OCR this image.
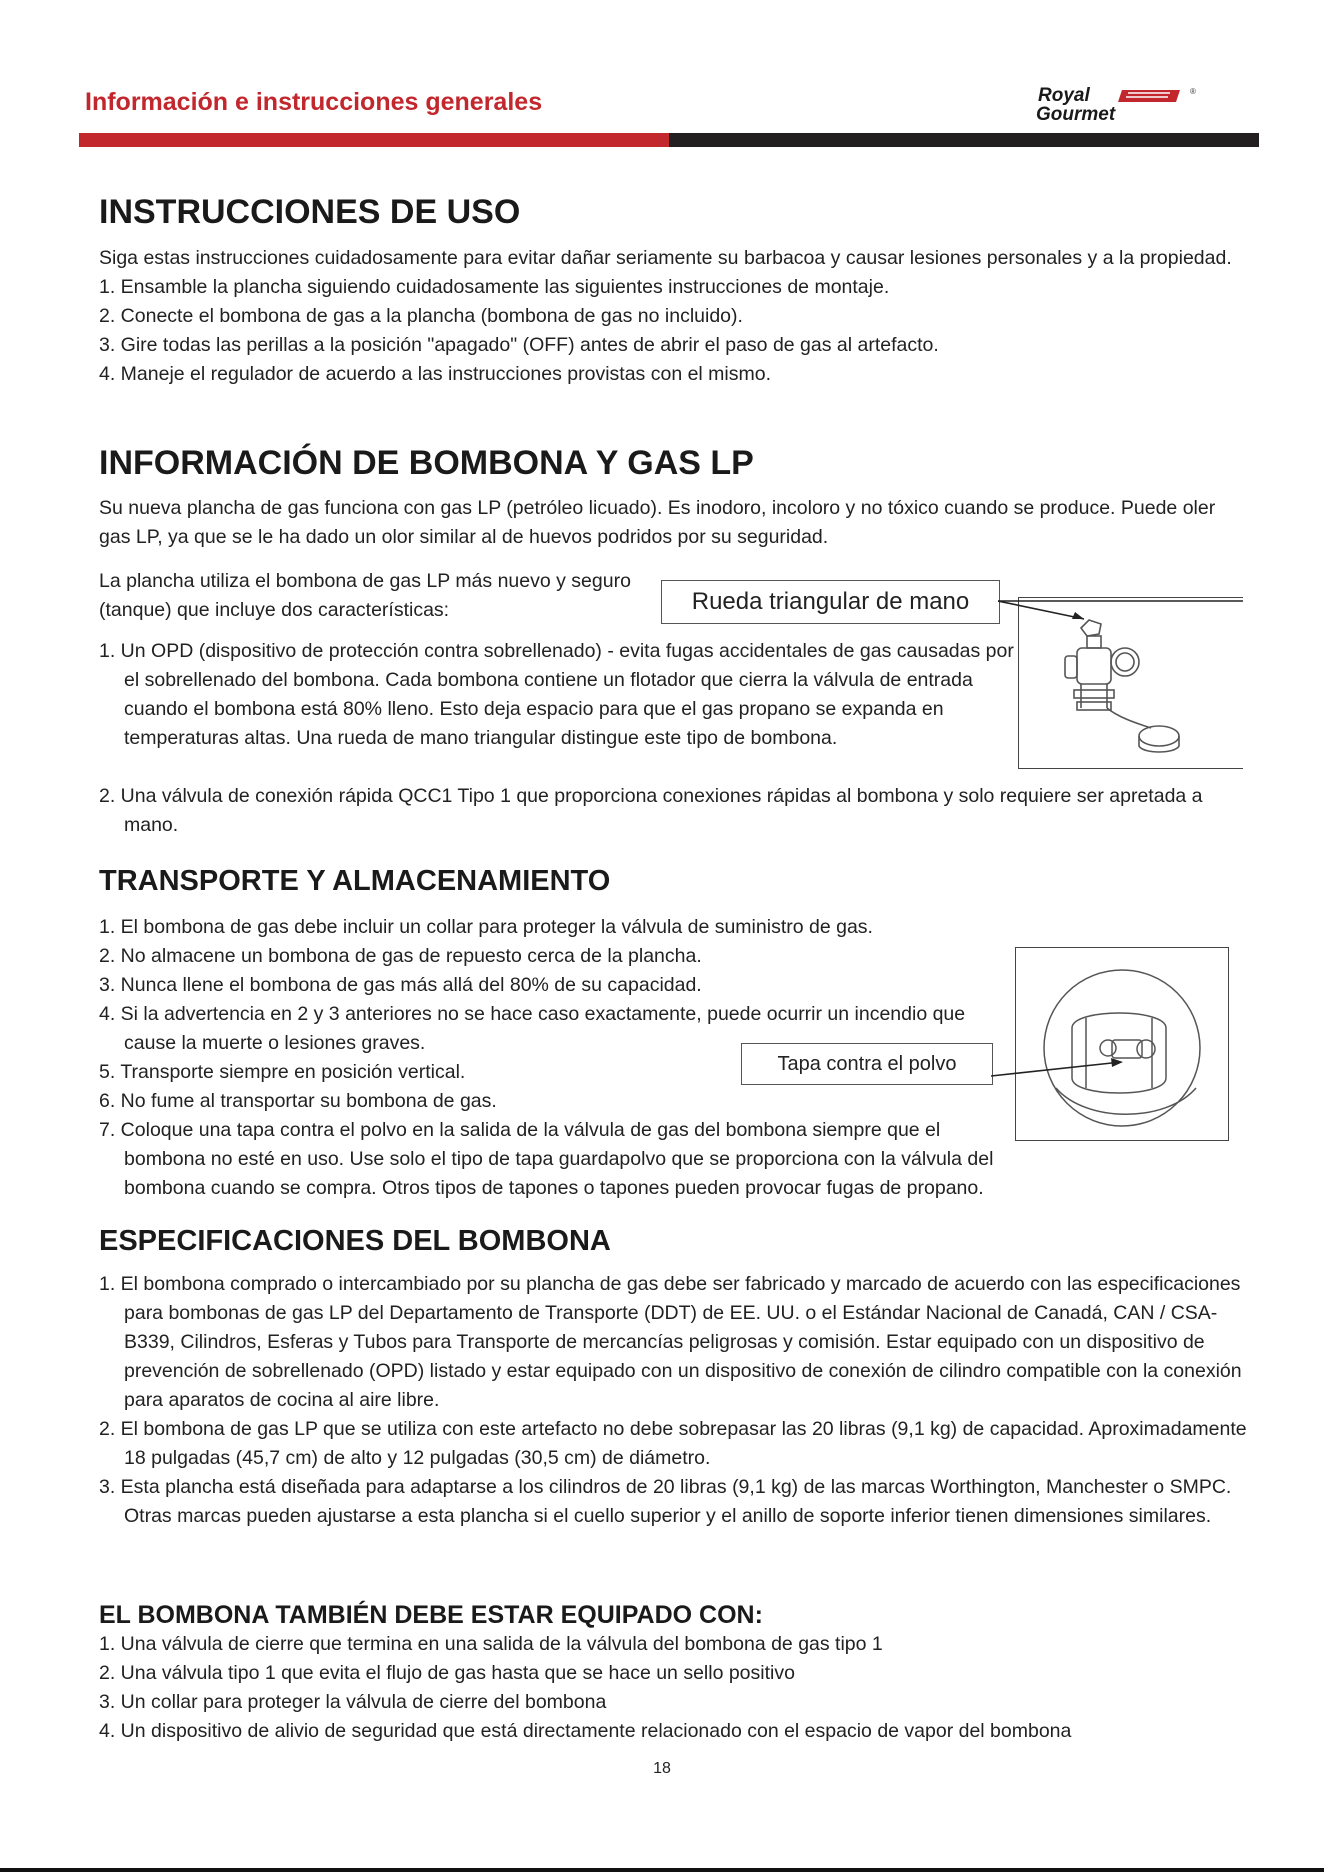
Información e instrucciones generales	Royal
Gourmet
®
INSTRUCCIONES DE USO

Siga estas instrucciones cuidadosamente para evitar dañar seriamente su barbacoa y causar lesiones personales y a la propiedad.

1. Ensamble la plancha siguiendo cuidadosamente las siguientes instrucciones de montaje.
2. Conecte el bombona de gas a la plancha (bombona de gas no incluido).
3. Gire todas las perillas a la posición "apagado" (OFF) antes de abrir el paso de gas al artefacto.
4. Maneje el regulador de acuerdo a las instrucciones provistas con el mismo.
INFORMACIÓN DE BOMBONA Y GAS LP

Su nueva plancha de gas funciona con gas LP (petróleo licuado). Es inodoro, incoloro y no tóxico cuando se produce. Puede oler gas LP, ya que se le ha dado un olor similar al de huevos podridos por su seguridad.

La plancha utiliza el bombona de gas LP más nuevo y seguro (tanque) que incluye dos características:	Rueda triangular de mano
1. Un OPD (dispositivo de protección contra sobrellenado) - evita fugas accidentales de gas causadas por el sobrellenado del bombona. Cada bombona contiene un flotador que cierra la válvula de entrada cuando el bombona está 80% lleno. Esto deja espacio para que el gas propano se expanda en temperaturas altas. Una rueda de mano triangular distingue este tipo de bombona.
2. Una válvula de conexión rápida QCC1 Tipo 1 que proporciona conexiones rápidas al bombona y solo requiere ser apretada a mano.
TRANSPORTE Y ALMACENAMIENTO
1. El bombona de gas debe incluir un collar para proteger la válvula de suministro de gas.
2. No almacene un bombona de gas de repuesto cerca de la plancha.
3. Nunca llene el bombona de gas más allá del 80% de su capacidad.
4. Si la advertencia en 2 y 3 anteriores no se hace caso exactamente, puede ocurrir un incendio que cause la muerte o lesiones graves.
5. Transporte siempre en posición vertical.
6. No fume al transportar su bombona de gas.
7. Coloque una tapa contra el polvo en la salida de la válvula de gas del bombona siempre que el bombona no esté en uso. Use solo el tipo de tapa guardapolvo que se proporciona con la válvula del bombona cuando se compra. Otros tipos de tapones o tapones pueden provocar fugas de propano.
Tapa contra el polvo
ESPECIFICACIONES DEL BOMBONA
1. El bombona comprado o intercambiado por su plancha de gas debe ser fabricado y marcado de acuerdo con las especificaciones para bombonas de gas LP del Departamento de Transporte (DDT) de EE. UU. o el Estándar Nacional de Canadá, CAN / CSA-B339, Cilindros, Esferas y Tubos para Transporte de mercancías peligrosas y comisión. Estar equipado con un dispositivo de prevención de sobrellenado (OPD) listado y estar equipado con un dispositivo de conexión de cilindro compatible con la conexión para aparatos de cocina al aire libre.
2. El bombona de gas LP que se utiliza con este artefacto no debe sobrepasar las 20 libras (9,1 kg) de capacidad. Aproximadamente 18 pulgadas (45,7 cm) de alto y 12 pulgadas (30,5 cm) de diámetro.
3. Esta plancha está diseñada para adaptarse a los cilindros de 20 libras (9,1 kg) de las marcas Worthington, Manchester o SMPC. Otras marcas pueden ajustarse a esta plancha si el cuello superior y el anillo de soporte inferior tienen dimensiones similares.
EL BOMBONA TAMBIÉN DEBE ESTAR EQUIPADO CON:
1. Una válvula de cierre que termina en una salida de la válvula del bombona de gas tipo 1
2. Una válvula tipo 1 que evita el flujo de gas hasta que se hace un sello positivo
3. Un collar para proteger la válvula de cierre del bombona
4. Un dispositivo de alivio de seguridad que está directamente relacionado con el espacio de vapor del bombona
18
